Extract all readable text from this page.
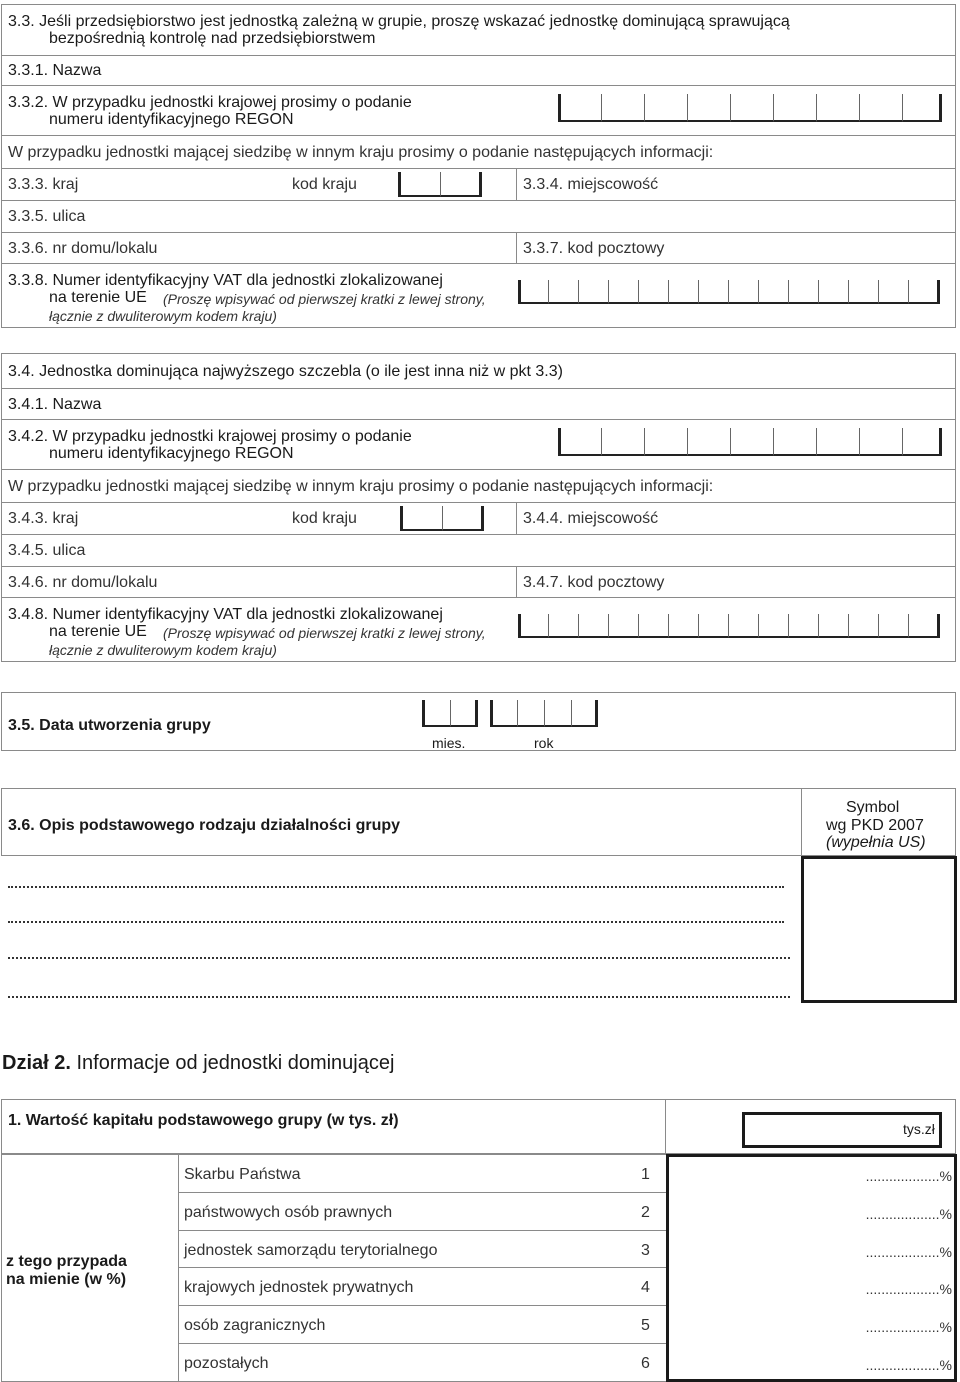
3.3. Jeśli przedsiębiorstwo jest jednostką zależną w grupie, proszę wskazać jednostkę dominującą sprawującą
bezpośrednią kontrolę nad przedsiębiorstwem
3.3.1. Nazwa
3.3.2. W przypadku jednostki krajowej prosimy o podanie
numeru identyfikacyjnego REGON
W przypadku jednostki mającej siedzibę w innym kraju prosimy o podanie następujących informacji:
3.3.3. kraj	kod kraju	3.3.4. miejscowość
3.3.5. ulica
3.3.6. nr domu/lokalu	3.3.7. kod pocztowy
3.3.8. Numer identyfikacyjny VAT dla jednostki zlokalizowanej
na terenie UE (Proszę wpisywać od pierwszej kratki z lewej strony,
łącznie z dwuliterowym kodem kraju)
3.4. Jednostka dominująca najwyższego szczebla (o ile jest inna niż w pkt 3.3)
3.4.1. Nazwa
3.4.2. W przypadku jednostki krajowej prosimy o podanie
numeru identyfikacyjnego REGON
W przypadku jednostki mającej siedzibę w innym kraju prosimy o podanie następujących informacji:
3.4.3. kraj	kod kraju	3.4.4. miejscowość
3.4.5. ulica
3.4.6. nr domu/lokalu	3.4.7. kod pocztowy
3.4.8. Numer identyfikacyjny VAT dla jednostki zlokalizowanej
na terenie UE (Proszę wpisywać od pierwszej kratki z lewej strony,
łącznie z dwuliterowym kodem kraju)
3.5. Data utworzenia grupy
mies.	rok
3.6. Opis podstawowego rodzaju działalności grupy
Symbol
wg PKD 2007
(wypełnia US)
Dział 2. Informacje od jednostki dominującej
1. Wartość kapitału podstawowego grupy (w tys. zł)	tys.zł
z tego przypada
na mienie (w %)
Skarbu Państwa	1	...................%
państwowych osób prawnych	2	...................%
jednostek samorządu terytorialnego	3	...................%
krajowych jednostek prywatnych	4	...................%
osób zagranicznych	5	...................%
pozostałych	6	...................%
